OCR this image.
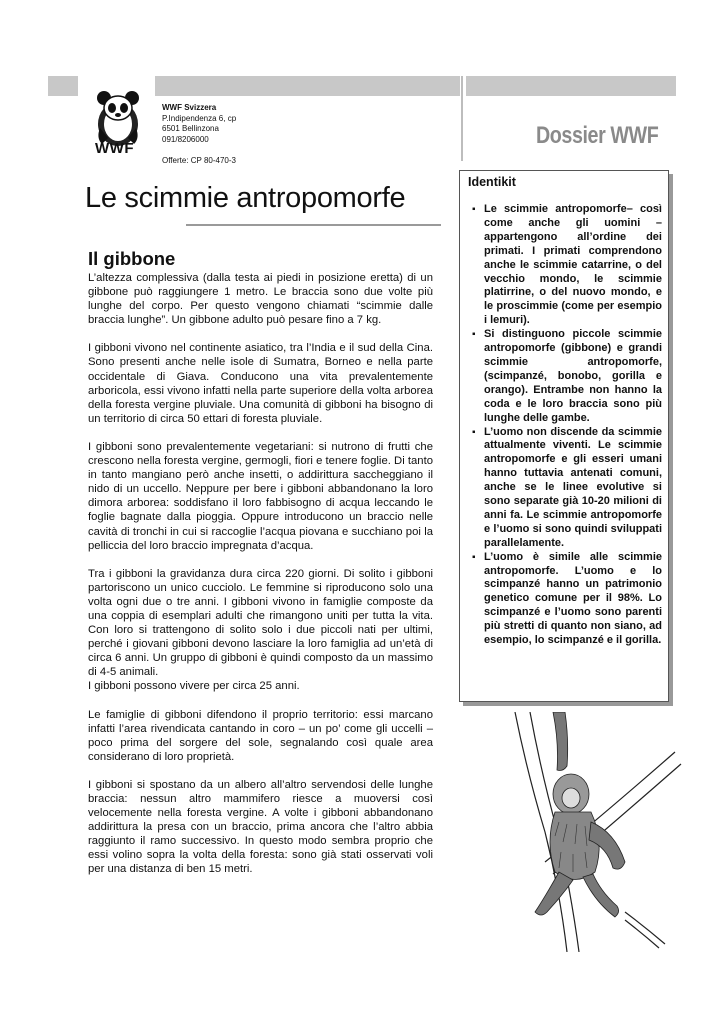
WWF
WWF Svizzera
P.Indipendenza 6, cp
6501 Bellinzona
091/8206000
Offerte: CP 80-470-3
Dossier WWF
Le scimmie antropomorfe
Il gibbone

L’altezza complessiva (dalla testa ai piedi in posizione eretta) di un gibbone può raggiungere 1 metro. Le braccia sono due volte più lunghe del corpo. Per questo vengono chiamati “scimmie dalle braccia lunghe”. Un gibbone adulto può pesare fino a 7 kg.

I gibboni vivono nel continente asiatico, tra l’India e il sud della Cina. Sono presenti anche nelle isole di Sumatra, Borneo e nella parte occidentale di Giava. Conducono una vita prevalentemente arboricola, essi vivono infatti nella parte superiore della volta arborea della foresta vergine pluviale. Una comunità di gibboni ha bisogno di un territorio di circa 50 ettari di foresta pluviale.

I gibboni sono prevalentemente vegetariani: si nutrono di frutti che crescono nella foresta vergine, germogli, fiori e tenere foglie. Di tanto in tanto mangiano però anche insetti, o addirittura saccheggiano il nido di un uccello. Neppure per bere i gibboni abbandonano la loro dimora arborea: soddisfano il loro fabbisogno di acqua leccando le foglie bagnate dalla pioggia. Oppure introducono un braccio nelle cavità di tronchi in cui si raccoglie l’acqua piovana e succhiano poi la pelliccia del loro braccio impregnata d’acqua.

Tra i gibboni la gravidanza dura circa 220 giorni. Di solito i gibboni partoriscono un unico cucciolo. Le femmine si riproducono solo una volta ogni due o tre anni. I gibboni vivono in famiglie composte da una coppia di esemplari adulti che rimangono uniti per tutta la vita. Con loro si trattengono di solito solo i due piccoli nati per ultimi, perché i giovani gibboni devono lasciare la loro famiglia ad un’età di circa 6 anni. Un gruppo di gibboni è quindi composto da un massimo di 4-5 animali.

I gibboni possono vivere per circa 25 anni.

Le famiglie di gibboni difendono il proprio territorio: essi marcano infatti l’area rivendicata cantando in coro – un po’ come gli uccelli – poco prima del sorgere del sole, segnalando così quale area considerano di loro proprietà.

I gibboni si spostano da un albero all’altro servendosi delle lunghe braccia: nessun altro mammifero riesce a muoversi così velocemente nella foresta vergine. A volte i gibboni abbandonano addirittura la presa con un braccio, prima ancora che l’altro abbia raggiunto il ramo successivo. In questo modo sembra proprio che essi volino sopra la volta della foresta: sono già stati osservati voli per una distanza di ben 15 metri.

Identikit
▪ Le scimmie antropomorfe– così come anche gli uomini – appartengono all’ordine dei primati. I primati comprendono anche le scimmie catarrine, o del vecchio mondo, le scimmie platirrine, o del nuovo mondo, e le proscimmie (come per esempio i lemuri).
▪ Si distinguono piccole scimmie antropomorfe (gibbone) e grandi scimmie antropomorfe, (scimpanzé, bonobo, gorilla e orango). Entrambe non hanno la coda e le loro braccia sono più lunghe delle gambe.
▪ L’uomo non discende da scimmie attualmente viventi. Le scimmie antropomorfe e gli esseri umani hanno tuttavia antenati comuni, anche se le linee evolutive si sono separate già 10-20 milioni di anni fa. Le scimmie antropomorfe e l’uomo si sono quindi sviluppati parallelamente.
▪ L’uomo è simile alle scimmie antropomorfe. L’uomo e lo scimpanzé hanno un patrimonio genetico comune per il 98%. Lo scimpanzé e l’uomo sono parenti più stretti di quanto non siano, ad esempio, lo scimpanzé e il gorilla.
